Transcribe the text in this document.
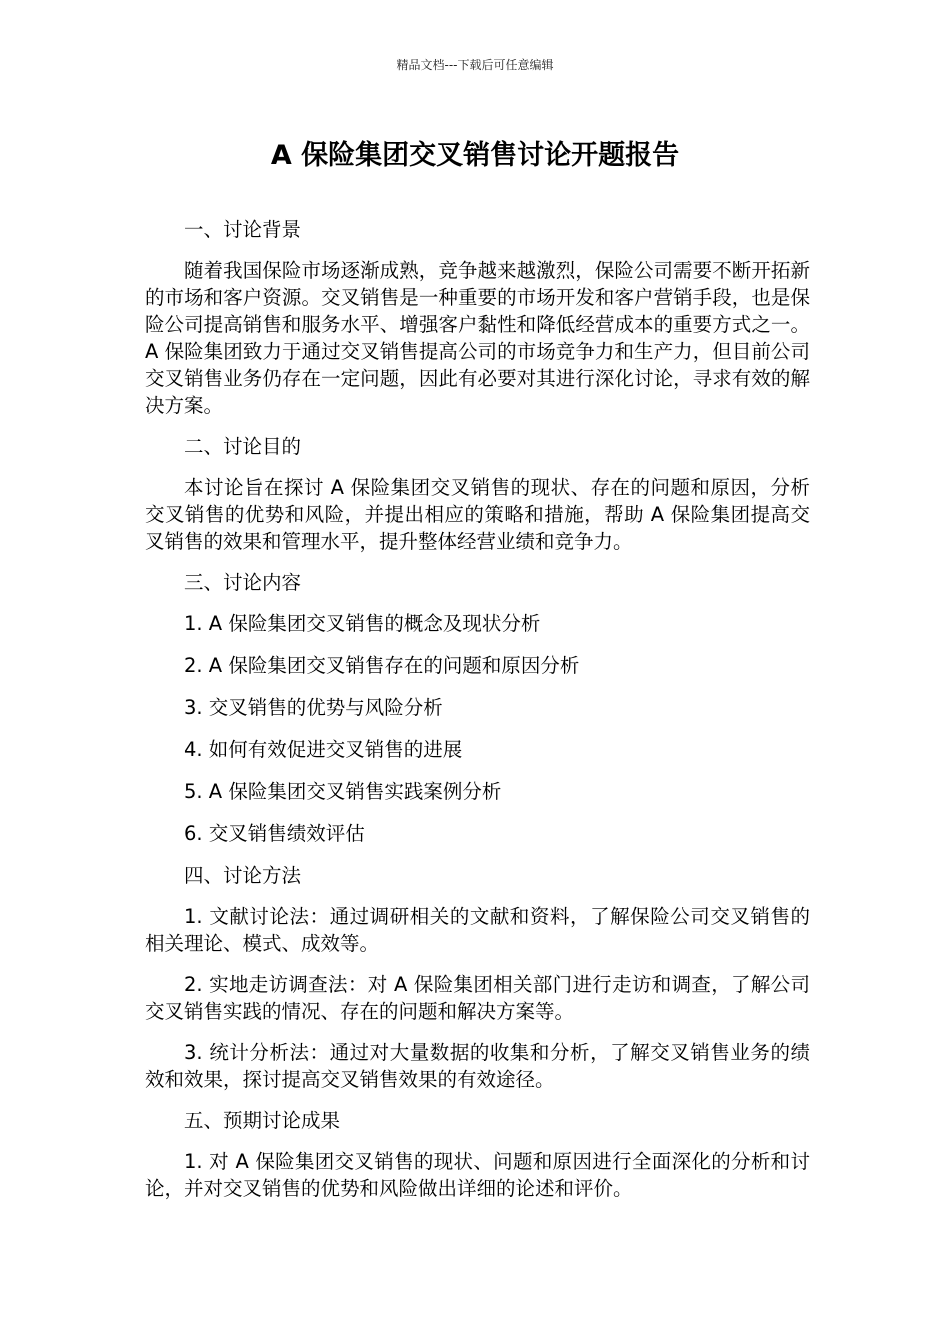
精品文档---下载后可任意编辑
A 保险集团交叉销售讨论开题报告

一、讨论背景

随着我国保险市场逐渐成熟，竞争越来越激烈，保险公司需要不断开拓新的市场和客户资源。交叉销售是一种重要的市场开发和客户营销手段，也是保险公司提高销售和服务水平、增强客户黏性和降低经营成本的重要方式之一。A 保险集团致力于通过交叉销售提高公司的市场竞争力和生产力，但目前公司交叉销售业务仍存在一定问题，因此有必要对其进行深化讨论，寻求有效的解决方案。

二、讨论目的

本讨论旨在探讨 A 保险集团交叉销售的现状、存在的问题和原因，分析交叉销售的优势和风险，并提出相应的策略和措施，帮助 A 保险集团提高交叉销售的效果和管理水平，提升整体经营业绩和竞争力。

三、讨论内容

1. A 保险集团交叉销售的概念及现状分析

2. A 保险集团交叉销售存在的问题和原因分析

3. 交叉销售的优势与风险分析

4. 如何有效促进交叉销售的进展

5. A 保险集团交叉销售实践案例分析

6. 交叉销售绩效评估

四、讨论方法

1. 文献讨论法：通过调研相关的文献和资料，了解保险公司交叉销售的相关理论、模式、成效等。

2. 实地走访调查法：对 A 保险集团相关部门进行走访和调查，了解公司交叉销售实践的情况、存在的问题和解决方案等。

3. 统计分析法：通过对大量数据的收集和分析，了解交叉销售业务的绩效和效果，探讨提高交叉销售效果的有效途径。

五、预期讨论成果

1. 对 A 保险集团交叉销售的现状、问题和原因进行全面深化的分析和讨论，并对交叉销售的优势和风险做出详细的论述和评价。
